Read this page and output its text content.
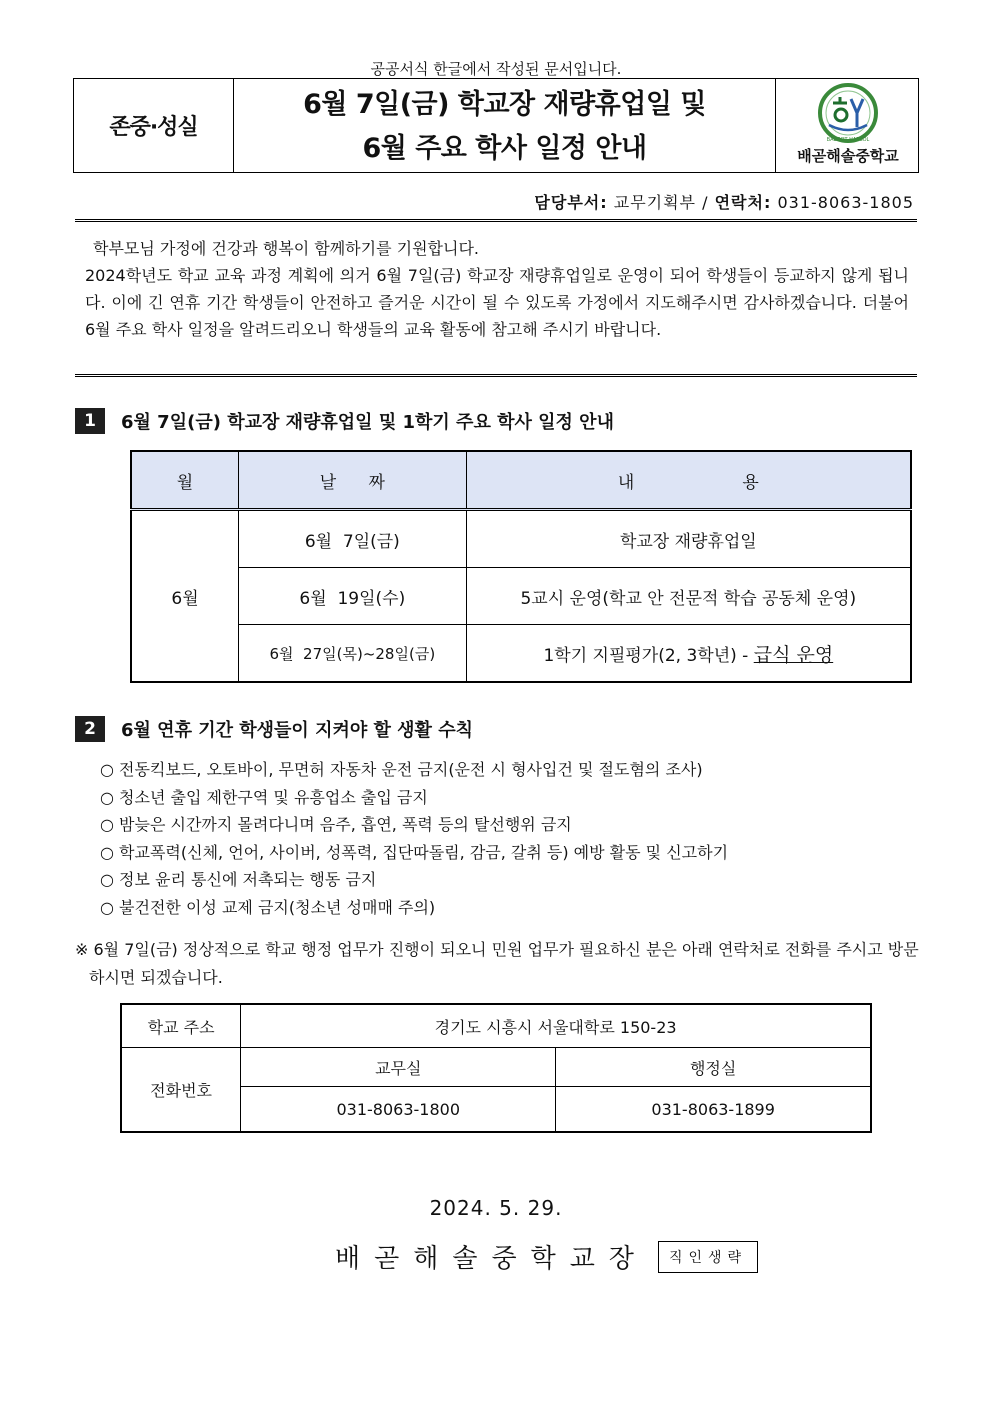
공공서식 한글에서 작성된 문서입니다.
존중·성실
6월 7일(금) 학교장 재량휴업일 및
6월 주요 학사 일정 안내	BAEGOT HAESOL
배곧해솔중학교
담당부서: 교무기획부 / 연락처: 031-8063-1805

학부모님 가정에 건강과 행복이 함께하기를 기원합니다.

2024학년도 학교 교육 과정 계획에 의거 6월 7일(금) 학교장 재량휴업일로 운영이 되어 학생들이 등교하지 않게 됩니다. 이에 긴 연휴 기간 학생들이 안전하고 즐거운 시간이 될 수 있도록 가정에서 지도해주시면 감사하겠습니다. 더불어 6월 주요 학사 일정을 알려드리오니 학생들의 교육 활동에 참고해 주시기 바랍니다.

1	6월 7일(금) 학교장 재량휴업일 및 1학기 주요 학사 일정 안내
월	날      짜	내                    용
6월	6월  7일(금)	학교장 재량휴업일
	6월  19일(수)	5교시 운영(학교 안 전문적 학습 공동체 운영)
	6월  27일(목)~28일(금)	1학기 지필평가(2, 3학년) - 급식 운영
2	6월 연휴 기간 학생들이 지켜야 할 생활 수칙
○ 전동킥보드, 오토바이, 무면허 자동차 운전 금지(운전 시 형사입건 및 절도혐의 조사)
○ 청소년 출입 제한구역 및 유흥업소 출입 금지
○ 밤늦은 시간까지 몰려다니며 음주, 흡연, 폭력 등의 탈선행위 금지
○ 학교폭력(신체, 언어, 사이버, 성폭력, 집단따돌림, 감금, 갈취 등) 예방 활동 및 신고하기
○ 정보 윤리 통신에 저촉되는 행동 금지
○ 불건전한 이성 교제 금지(청소년 성매매 주의)
※ 6월 7일(금) 정상적으로 학교 행정 업무가 진행이 되오니 민원 업무가 필요하신 분은 아래 연락처로 전화를 주시고 방문하시면 되겠습니다.
학교 주소	경기도 시흥시 서울대학로 150-23	
전화번호	교무실	행정실
	031-8063-1800	031-8063-1899
2024. 5. 29.
배곧해솔중학교장	직인생략
